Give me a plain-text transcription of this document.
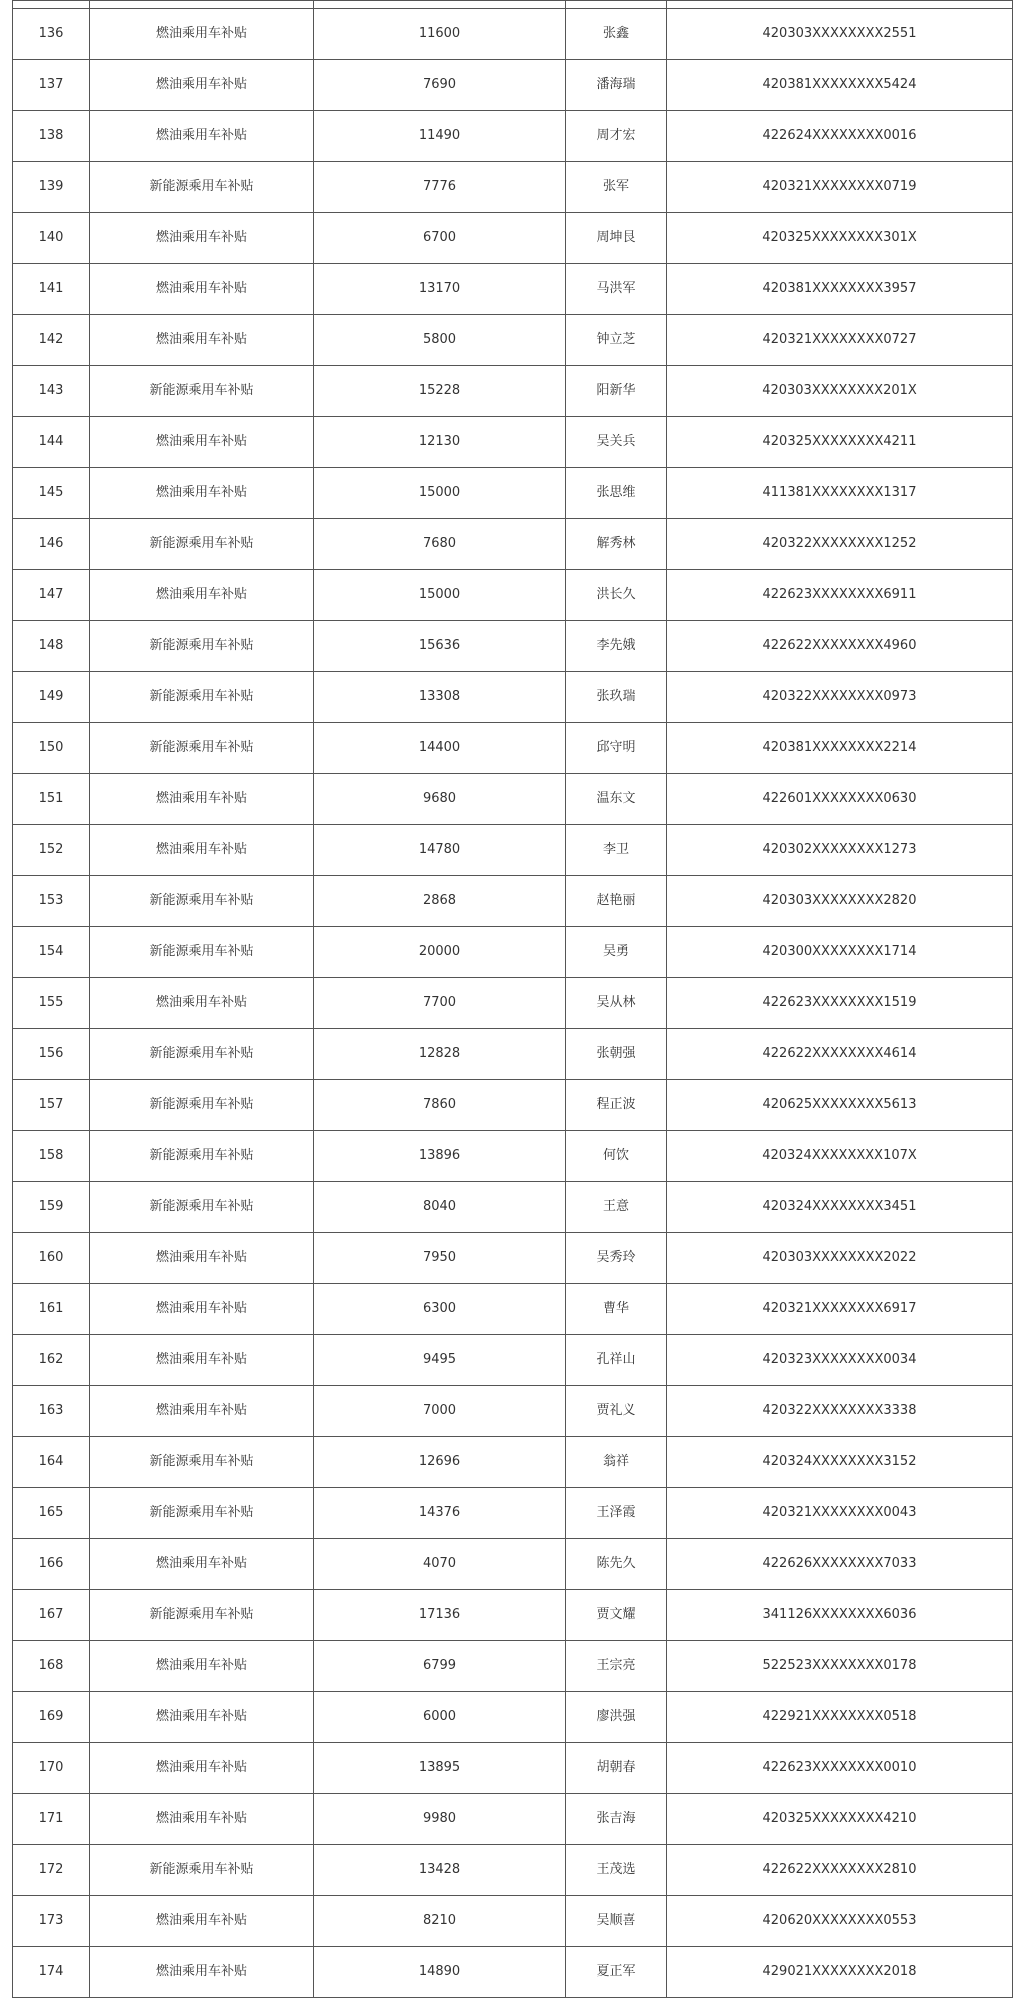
136	燃油乘用车补贴	11600	张鑫	420303XXXXXXXX2551
137	燃油乘用车补贴	7690	潘海瑞	420381XXXXXXXX5424
138	燃油乘用车补贴	11490	周才宏	422624XXXXXXXX0016
139	新能源乘用车补贴	7776	张军	420321XXXXXXXX0719
140	燃油乘用车补贴	6700	周坤艮	420325XXXXXXXX301X
141	燃油乘用车补贴	13170	马洪军	420381XXXXXXXX3957
142	燃油乘用车补贴	5800	钟立芝	420321XXXXXXXX0727
143	新能源乘用车补贴	15228	阳新华	420303XXXXXXXX201X
144	燃油乘用车补贴	12130	吴关兵	420325XXXXXXXX4211
145	燃油乘用车补贴	15000	张思维	411381XXXXXXXX1317
146	新能源乘用车补贴	7680	解秀林	420322XXXXXXXX1252
147	燃油乘用车补贴	15000	洪长久	422623XXXXXXXX6911
148	新能源乘用车补贴	15636	李先娥	422622XXXXXXXX4960
149	新能源乘用车补贴	13308	张玖瑞	420322XXXXXXXX0973
150	新能源乘用车补贴	14400	邱守明	420381XXXXXXXX2214
151	燃油乘用车补贴	9680	温东文	422601XXXXXXXX0630
152	燃油乘用车补贴	14780	李卫	420302XXXXXXXX1273
153	新能源乘用车补贴	2868	赵艳丽	420303XXXXXXXX2820
154	新能源乘用车补贴	20000	吴勇	420300XXXXXXXX1714
155	燃油乘用车补贴	7700	吴从林	422623XXXXXXXX1519
156	新能源乘用车补贴	12828	张朝强	422622XXXXXXXX4614
157	新能源乘用车补贴	7860	程正波	420625XXXXXXXX5613
158	新能源乘用车补贴	13896	何饮	420324XXXXXXXX107X
159	新能源乘用车补贴	8040	王意	420324XXXXXXXX3451
160	燃油乘用车补贴	7950	吴秀玲	420303XXXXXXXX2022
161	燃油乘用车补贴	6300	曹华	420321XXXXXXXX6917
162	燃油乘用车补贴	9495	孔祥山	420323XXXXXXXX0034
163	燃油乘用车补贴	7000	贾礼义	420322XXXXXXXX3338
164	新能源乘用车补贴	12696	翁祥	420324XXXXXXXX3152
165	新能源乘用车补贴	14376	王泽霞	420321XXXXXXXX0043
166	燃油乘用车补贴	4070	陈先久	422626XXXXXXXX7033
167	新能源乘用车补贴	17136	贾文耀	341126XXXXXXXX6036
168	燃油乘用车补贴	6799	王宗亮	522523XXXXXXXX0178
169	燃油乘用车补贴	6000	廖洪强	422921XXXXXXXX0518
170	燃油乘用车补贴	13895	胡朝春	422623XXXXXXXX0010
171	燃油乘用车补贴	9980	张吉海	420325XXXXXXXX4210
172	新能源乘用车补贴	13428	王茂选	422622XXXXXXXX2810
173	燃油乘用车补贴	8210	吴顺喜	420620XXXXXXXX0553
174	燃油乘用车补贴	14890	夏正军	429021XXXXXXXX2018
